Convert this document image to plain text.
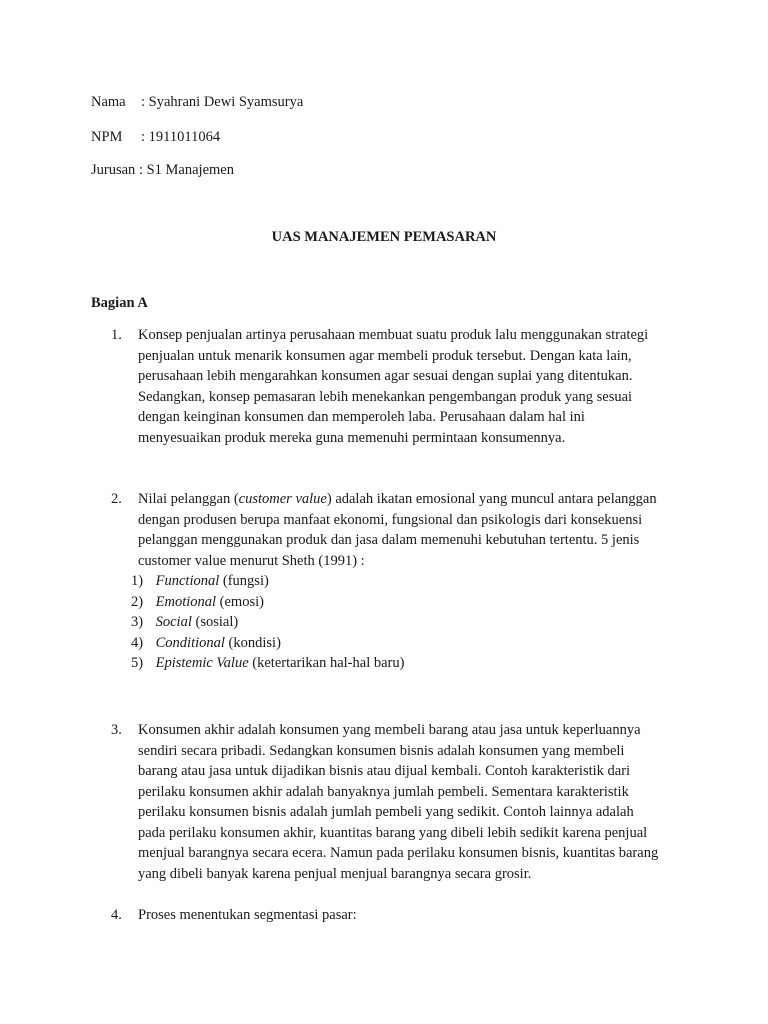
Nama : Syahrani Dewi Syamsurya
NPM : 1911011064
Jurusan : S1 Manajemen
UAS MANAJEMEN PEMASARAN
Bagian A
1. Konsep penjualan artinya perusahaan membuat suatu produk lalu menggunakan strategi

penjualan untuk menarik konsumen agar membeli produk tersebut. Dengan kata lain,

perusahaan lebih mengarahkan konsumen agar sesuai dengan suplai yang ditentukan.

Sedangkan, konsep pemasaran lebih menekankan pengembangan produk yang sesuai

dengan keinginan konsumen dan memperoleh laba. Perusahaan dalam hal ini

menyesuaikan produk mereka guna memenuhi permintaan konsumennya.

2. Nilai pelanggan (customer value) adalah ikatan emosional yang muncul antara pelanggan

dengan produsen berupa manfaat ekonomi, fungsional dan psikologis dari konsekuensi

pelanggan menggunakan produk dan jasa dalam memenuhi kebutuhan tertentu. 5 jenis

customer value menurut Sheth (1991) :

1) Functional (fungsi)
2) Emotional (emosi)
3) Social (sosial)
4) Conditional (kondisi)
5) Epistemic Value (ketertarikan hal-hal baru)
3. Konsumen akhir adalah konsumen yang membeli barang atau jasa untuk keperluannya

sendiri secara pribadi. Sedangkan konsumen bisnis adalah konsumen yang membeli

barang atau jasa untuk dijadikan bisnis atau dijual kembali. Contoh karakteristik dari

perilaku konsumen akhir adalah banyaknya jumlah pembeli. Sementara karakteristik

perilaku konsumen bisnis adalah jumlah pembeli yang sedikit. Contoh lainnya adalah

pada perilaku konsumen akhir, kuantitas barang yang dibeli lebih sedikit karena penjual

menjual barangnya secara ecera. Namun pada perilaku konsumen bisnis, kuantitas barang

yang dibeli banyak karena penjual menjual barangnya secara grosir.

4. Proses menentukan segmentasi pasar:
